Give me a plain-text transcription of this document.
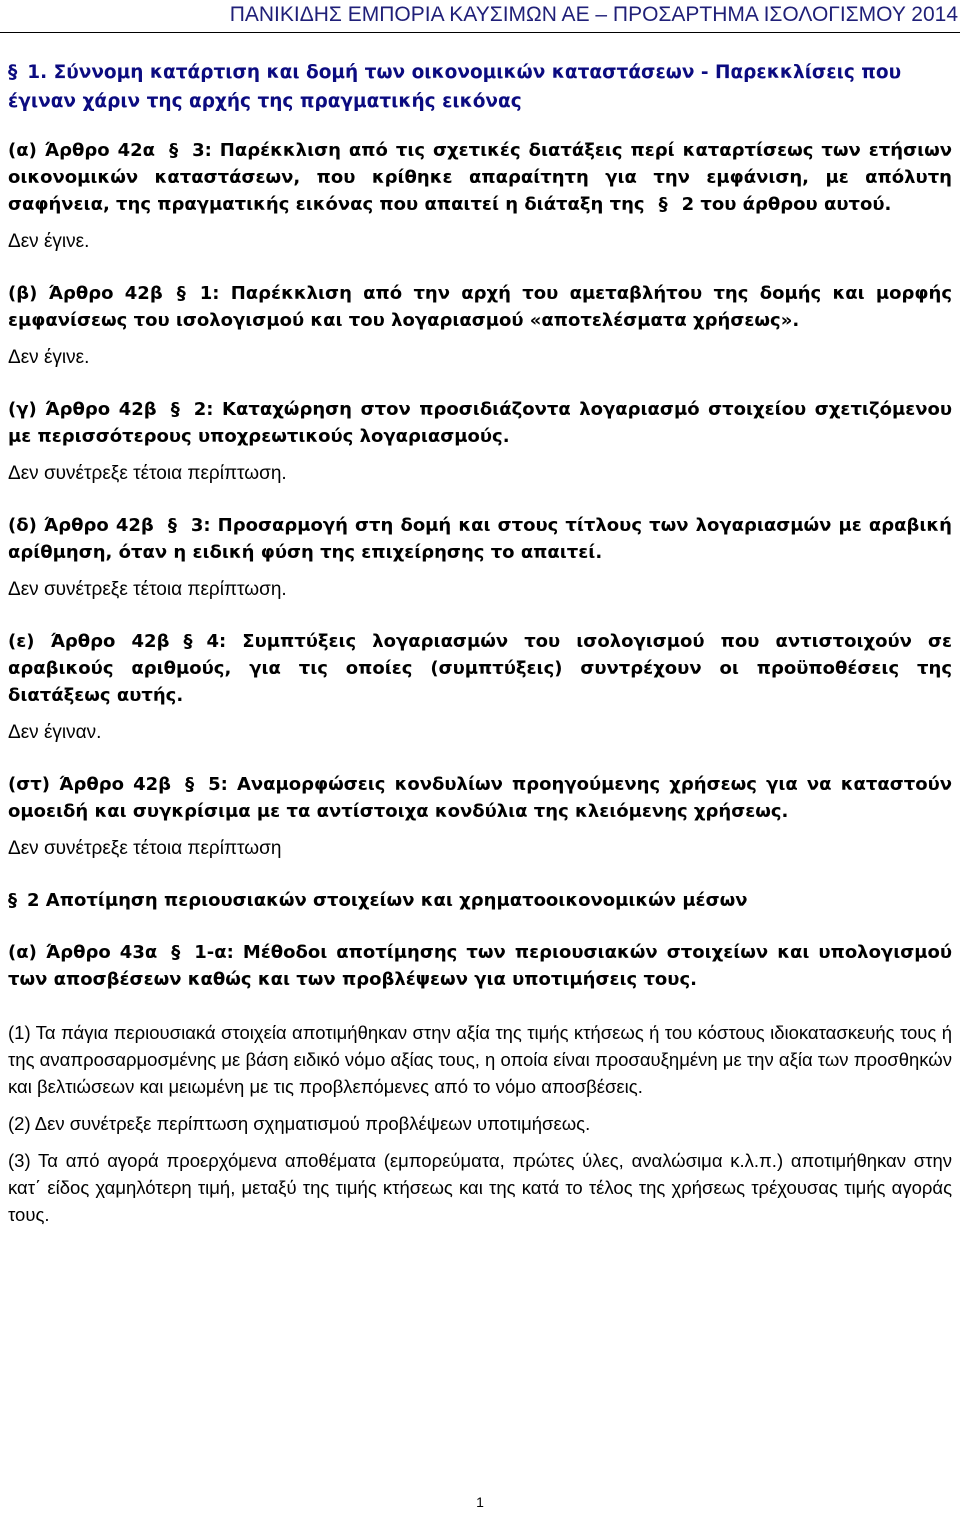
ΠΑΝΙΚΙΔΗΣ ΕΜΠΟΡΙΑ ΚΑΥΣΙΜΩΝ ΑΕ – ΠΡΟΣΑΡΤΗΜΑ ΙΣΟΛΟΓΙΣΜΟΥ 2014
§ 1. Σύννομη κατάρτιση και δομή των οικονομικών καταστάσεων - Παρεκκλίσεις που έγιναν χάριν της αρχής της πραγματικής εικόνας
(α) Άρθρο 42α § 3: Παρέκκλιση από τις σχετικές διατάξεις περί καταρτίσεως των ετήσιων οικονομικών καταστάσεων, που κρίθηκε απαραίτητη για την εμφάνιση, με απόλυτη σαφήνεια, της πραγματικής εικόνας που απαιτεί η διάταξη της § 2 του άρθρου αυτού.
Δεν έγινε.
(β) Άρθρο 42β § 1: Παρέκκλιση από την αρχή του αμεταβλήτου της δομής και μορφής εμφανίσεως του ισολογισμού και του λογαριασμού «αποτελέσματα χρήσεως».
Δεν έγινε.
(γ) Άρθρο 42β § 2: Καταχώρηση στον προσιδιάζοντα λογαριασμό στοιχείου σχετιζόμενου με περισσότερους υποχρεωτικούς λογαριασμούς.
Δεν συνέτρεξε τέτοια περίπτωση.
(δ) Άρθρο 42β § 3: Προσαρμογή στη δομή και στους τίτλους των λογαριασμών με αραβική αρίθμηση, όταν η ειδική φύση της επιχείρησης το απαιτεί.
Δεν συνέτρεξε τέτοια περίπτωση.
(ε) Άρθρο 42β § 4: Συμπτύξεις λογαριασμών του ισολογισμού που αντιστοιχούν σε αραβικούς αριθμούς, για τις οποίες (συμπτύξεις) συντρέχουν οι προϋποθέσεις της διατάξεως αυτής.
Δεν έγιναν.
(στ) Άρθρο 42β § 5: Αναμορφώσεις κονδυλίων προηγούμενης χρήσεως για να καταστούν ομοειδή και συγκρίσιμα με τα αντίστοιχα κονδύλια της κλειόμενης χρήσεως.
Δεν συνέτρεξε τέτοια περίπτωση
§ 2 Αποτίμηση περιουσιακών στοιχείων και χρηματοοικονομικών μέσων
(α) Άρθρο 43α § 1-α: Μέθοδοι αποτίμησης των περιουσιακών στοιχείων και υπολογισμού των αποσβέσεων καθώς και των προβλέψεων για υποτιμήσεις τους.
(1) Τα πάγια περιουσιακά στοιχεία αποτιμήθηκαν στην αξία της τιμής κτήσεως ή του κόστους ιδιοκατασκευής τους ή της αναπροσαρμοσμένης με βάση ειδικό νόμο αξίας τους, η οποία είναι προσαυξημένη με την αξία των προσθηκών και βελτιώσεων και μειωμένη με τις προβλεπόμενες από το νόμο αποσβέσεις.
(2) Δεν συνέτρεξε περίπτωση σχηματισμού προβλέψεων υποτιμήσεως.
(3) Τα από αγορά προερχόμενα αποθέματα (εμπορεύματα, πρώτες ύλες, αναλώσιμα κ.λ.π.) αποτιμήθηκαν στην κατ΄ είδος χαμηλότερη τιμή, μεταξύ της τιμής κτήσεως και της κατά το τέλος της χρήσεως τρέχουσας τιμής αγοράς τους.
1
